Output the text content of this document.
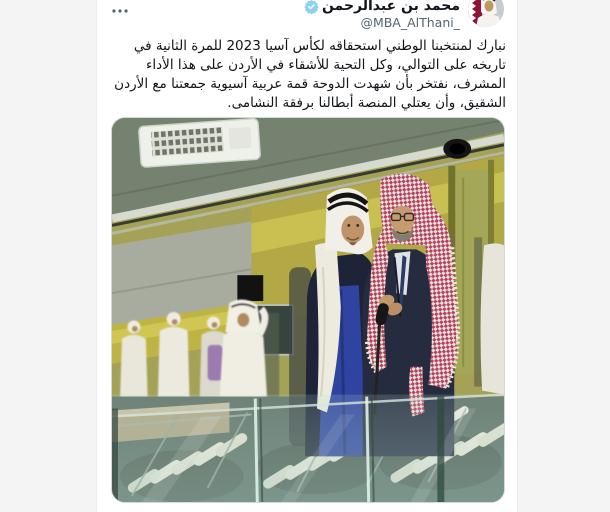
محمد بن عبدالرحمن
@MBA_AlThani_
نبارك لمنتخبنا الوطني استحقاقه لكأس آسيا 2023 للمرة الثانية في تاريخه على التوالي، وكل التحية للأشقاء في الأردن على هذا الأداء المشرف، نفتخر بأن شهدت الدوحة قمة عربية آسيوية جمعتنا مع الأردن الشقيق، وأن يعتلي المنصة أبطالنا برفقة النشامى.
